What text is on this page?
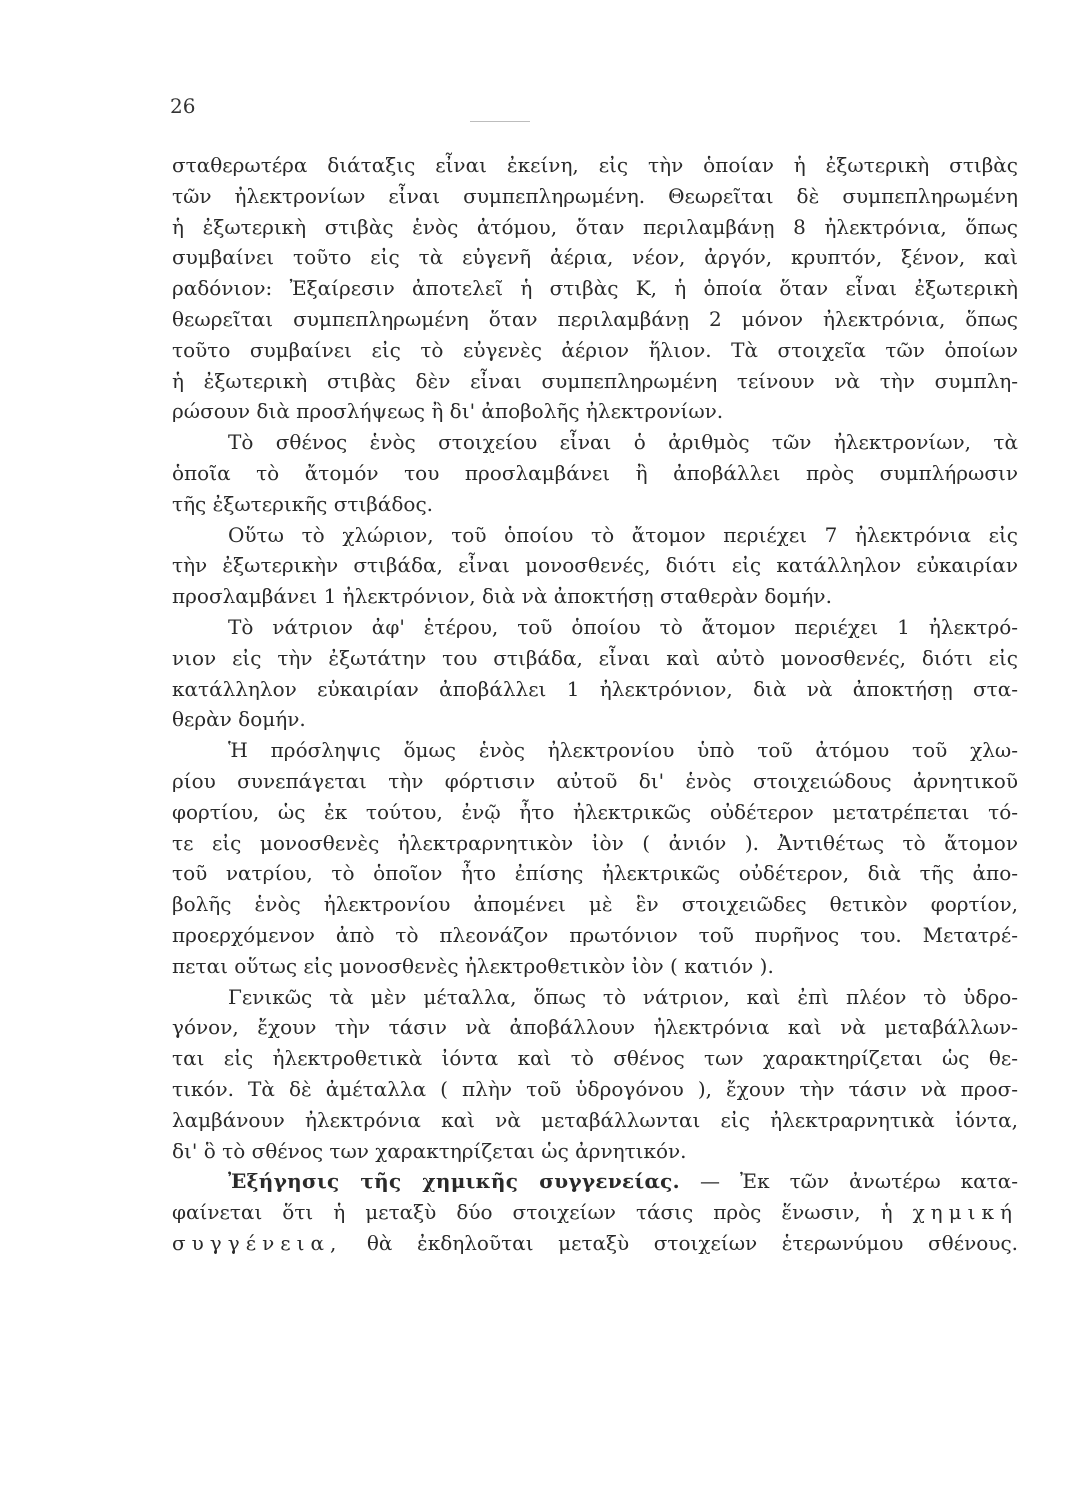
26
σταθερωτέρα διάταξις εἶναι ἐκείνη, εἰς τὴν ὁποίαν ἡ ἐξωτερικὴ στιβὰς
τῶν ἠλεκτρονίων εἶναι συμπεπληρωμένη. Θεωρεῖται δὲ συμπεπληρωμένη
ἡ ἐξωτερικὴ στιβὰς ἑνὸς ἀτόμου, ὅταν περιλαμβάνῃ 8 ἠλεκτρόνια, ὅπως
συμβαίνει τοῦτο εἰς τὰ εὐγενῆ ἀέρια, νέον, ἀργόν, κρυπτόν, ξένον, καὶ
ραδόνιον: Ἐξαίρεσιν ἀποτελεῖ ἡ στιβὰς Κ, ἡ ὁποία ὅταν εἶναι ἐξωτερικὴ
θεωρεῖται συμπεπληρωμένη ὅταν περιλαμβάνῃ 2 μόνον ἠλεκτρόνια, ὅπως
τοῦτο συμβαίνει εἰς τὸ εὐγενὲς ἀέριον ἥλιον. Τὰ στοιχεῖα τῶν ὁποίων
ἡ ἐξωτερικὴ στιβὰς δὲν εἶναι συμπεπληρωμένη τείνουν νὰ τὴν συμπλη-
ρώσουν διὰ προσλήψεως ἢ δι' ἀποβολῆς ἠλεκτρονίων.
Τὸ σθένος ἑνὸς στοιχείου εἶναι ὁ ἀριθμὸς τῶν ἠλεκτρονίων, τὰ
ὁποῖα τὸ ἄτομόν του προσλαμβάνει ἢ ἀποβάλλει πρὸς συμπλήρωσιν
τῆς ἐξωτερικῆς στιβάδος.
Οὕτω τὸ χλώριον, τοῦ ὁποίου τὸ ἄτομον περιέχει 7 ἠλεκτρόνια εἰς
τὴν ἐξωτερικὴν στιβάδα, εἶναι μονοσθενές, διότι εἰς κατάλληλον εὐκαιρίαν
προσλαμβάνει 1 ἠλεκτρόνιον, διὰ νὰ ἀποκτήσῃ σταθερὰν δομήν.
Τὸ νάτριον ἀφ' ἑτέρου, τοῦ ὁποίου τὸ ἄτομον περιέχει 1 ἠλεκτρό-
νιον εἰς τὴν ἐξωτάτην του στιβάδα, εἶναι καὶ αὐτὸ μονοσθενές, διότι εἰς
κατάλληλον εὐκαιρίαν ἀποβάλλει 1 ἠλεκτρόνιον, διὰ νὰ ἀποκτήσῃ στα-
θερὰν δομήν.
Ἡ πρόσληψις ὅμως ἑνὸς ἠλεκτρονίου ὑπὸ τοῦ ἀτόμου τοῦ χλω-
ρίου συνεπάγεται τὴν φόρτισιν αὐτοῦ δι' ἑνὸς στοιχειώδους ἀρνητικοῦ
φορτίου, ὡς ἐκ τούτου, ἐνῷ ἦτο ἠλεκτρικῶς οὐδέτερον μετατρέπεται τό-
τε εἰς μονοσθενὲς ἠλεκτραρνητικὸν ἰὸν ( ἀνιόν ). Ἀντιθέτως τὸ ἄτομον
τοῦ νατρίου, τὸ ὁποῖον ἦτο ἐπίσης ἠλεκτρικῶς οὐδέτερον, διὰ τῆς ἀπο-
βολῆς ἑνὸς ἠλεκτρονίου ἀπομένει μὲ ἓν στοιχειῶδες θετικὸν φορτίον,
προερχόμενον ἀπὸ τὸ πλεονάζον πρωτόνιον τοῦ πυρῆνος του. Μετατρέ-
πεται οὕτως εἰς μονοσθενὲς ἠλεκτροθετικὸν ἰὸν ( κατιόν ).
Γενικῶς τὰ μὲν μέταλλα, ὅπως τὸ νάτριον, καὶ ἐπὶ πλέον τὸ ὑδρο-
γόνον, ἔχουν τὴν τάσιν νὰ ἀποβάλλουν ἠλεκτρόνια καὶ νὰ μεταβάλλων-
ται εἰς ἠλεκτροθετικὰ ἰόντα καὶ τὸ σθένος των χαρακτηρίζεται ὡς θε-
τικόν. Τὰ δὲ ἀμέταλλα ( πλὴν τοῦ ὑδρογόνου ), ἔχουν τὴν τάσιν νὰ προσ-
λαμβάνουν ἠλεκτρόνια καὶ νὰ μεταβάλλωνται εἰς ἠλεκτραρνητικὰ ἰόντα,
δι' ὃ τὸ σθένος των χαρακτηρίζεται ὡς ἀρνητικόν.
Ἐξήγησις τῆς χημικῆς συγγενείας. — Ἐκ τῶν ἀνωτέρω κατα-
φαίνεται ὅτι ἡ μεταξὺ δύο στοιχείων τάσις πρὸς ἕνωσιν, ἡ χημική
συγγένεια, θὰ ἐκδηλοῦται μεταξὺ στοιχείων ἑτερωνύμου σθένους.
